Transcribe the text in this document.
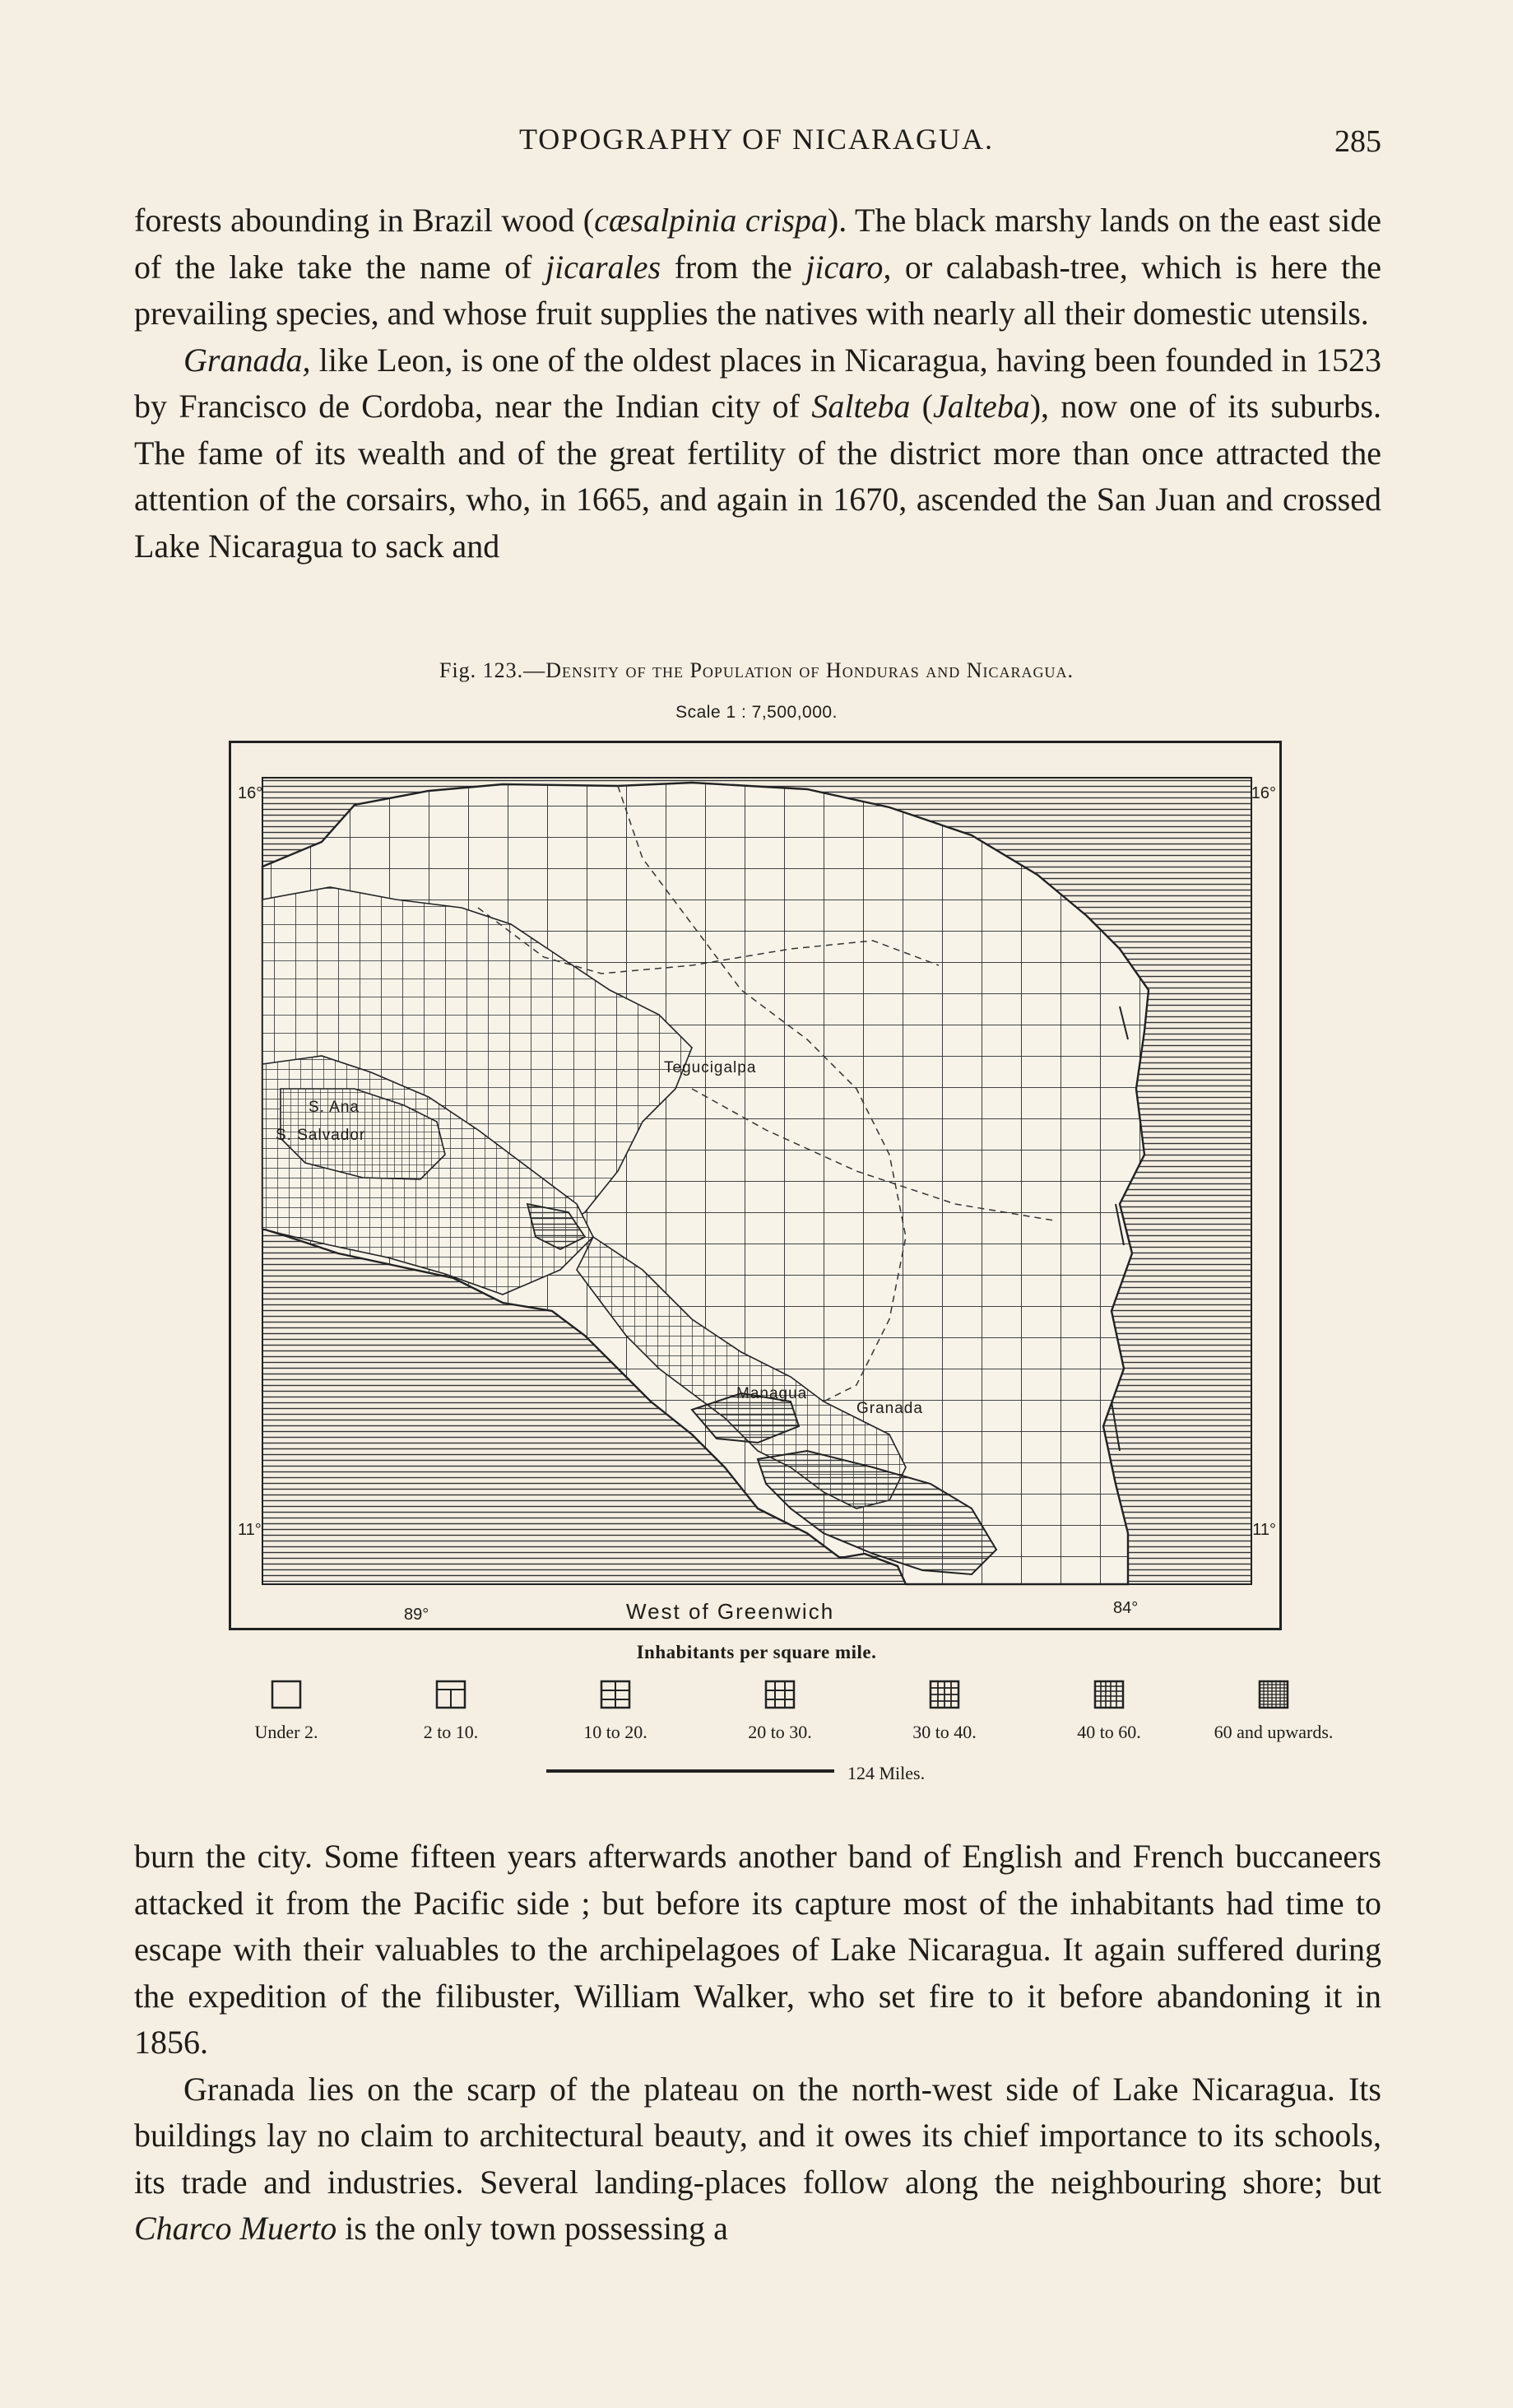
TOPOGRAPHY OF NICARAGUA.	285

forests abounding in Brazil wood (cæsalpinia crispa). The black marshy lands on the east side of the lake take the name of jicarales from the jicaro, or calabash-tree, which is here the prevailing species, and whose fruit supplies the natives with nearly all their domestic utensils.

Granada, like Leon, is one of the oldest places in Nicaragua, having been founded in 1523 by Francisco de Cordoba, near the Indian city of Salteba (Jalteba), now one of its suburbs. The fame of its wealth and of the great fertility of the district more than once attracted the attention of the corsairs, who, in 1665, and again in 1670, ascended the San Juan and crossed Lake Nicaragua to sack and

Fig. 123.—Density of the Population of Honduras and Nicaragua.
Scale 1 : 7,500,000.
16°	16°
11°	11°
89°	84°
West of Greenwich
Tegucigalpa
S. Ana
S. Salvador
Managua
Granada
Inhabitants per square mile.
Under 2.	2 to 10.	10 to 20.	20 to 30.	30 to 40.	40 to 60.	60 and upwards.
124 Miles.

burn the city. Some fifteen years afterwards another band of English and French buccaneers attacked it from the Pacific side ; but before its capture most of the inhabitants had time to escape with their valuables to the archipelagoes of Lake Nicaragua. It again suffered during the expedition of the filibuster, William Walker, who set fire to it before abandoning it in 1856.

Granada lies on the scarp of the plateau on the north-west side of Lake Nicaragua. Its buildings lay no claim to architectural beauty, and it owes its chief importance to its schools, its trade and industries. Several landing-places follow along the neighbouring shore; but Charco Muerto is the only town possessing a
